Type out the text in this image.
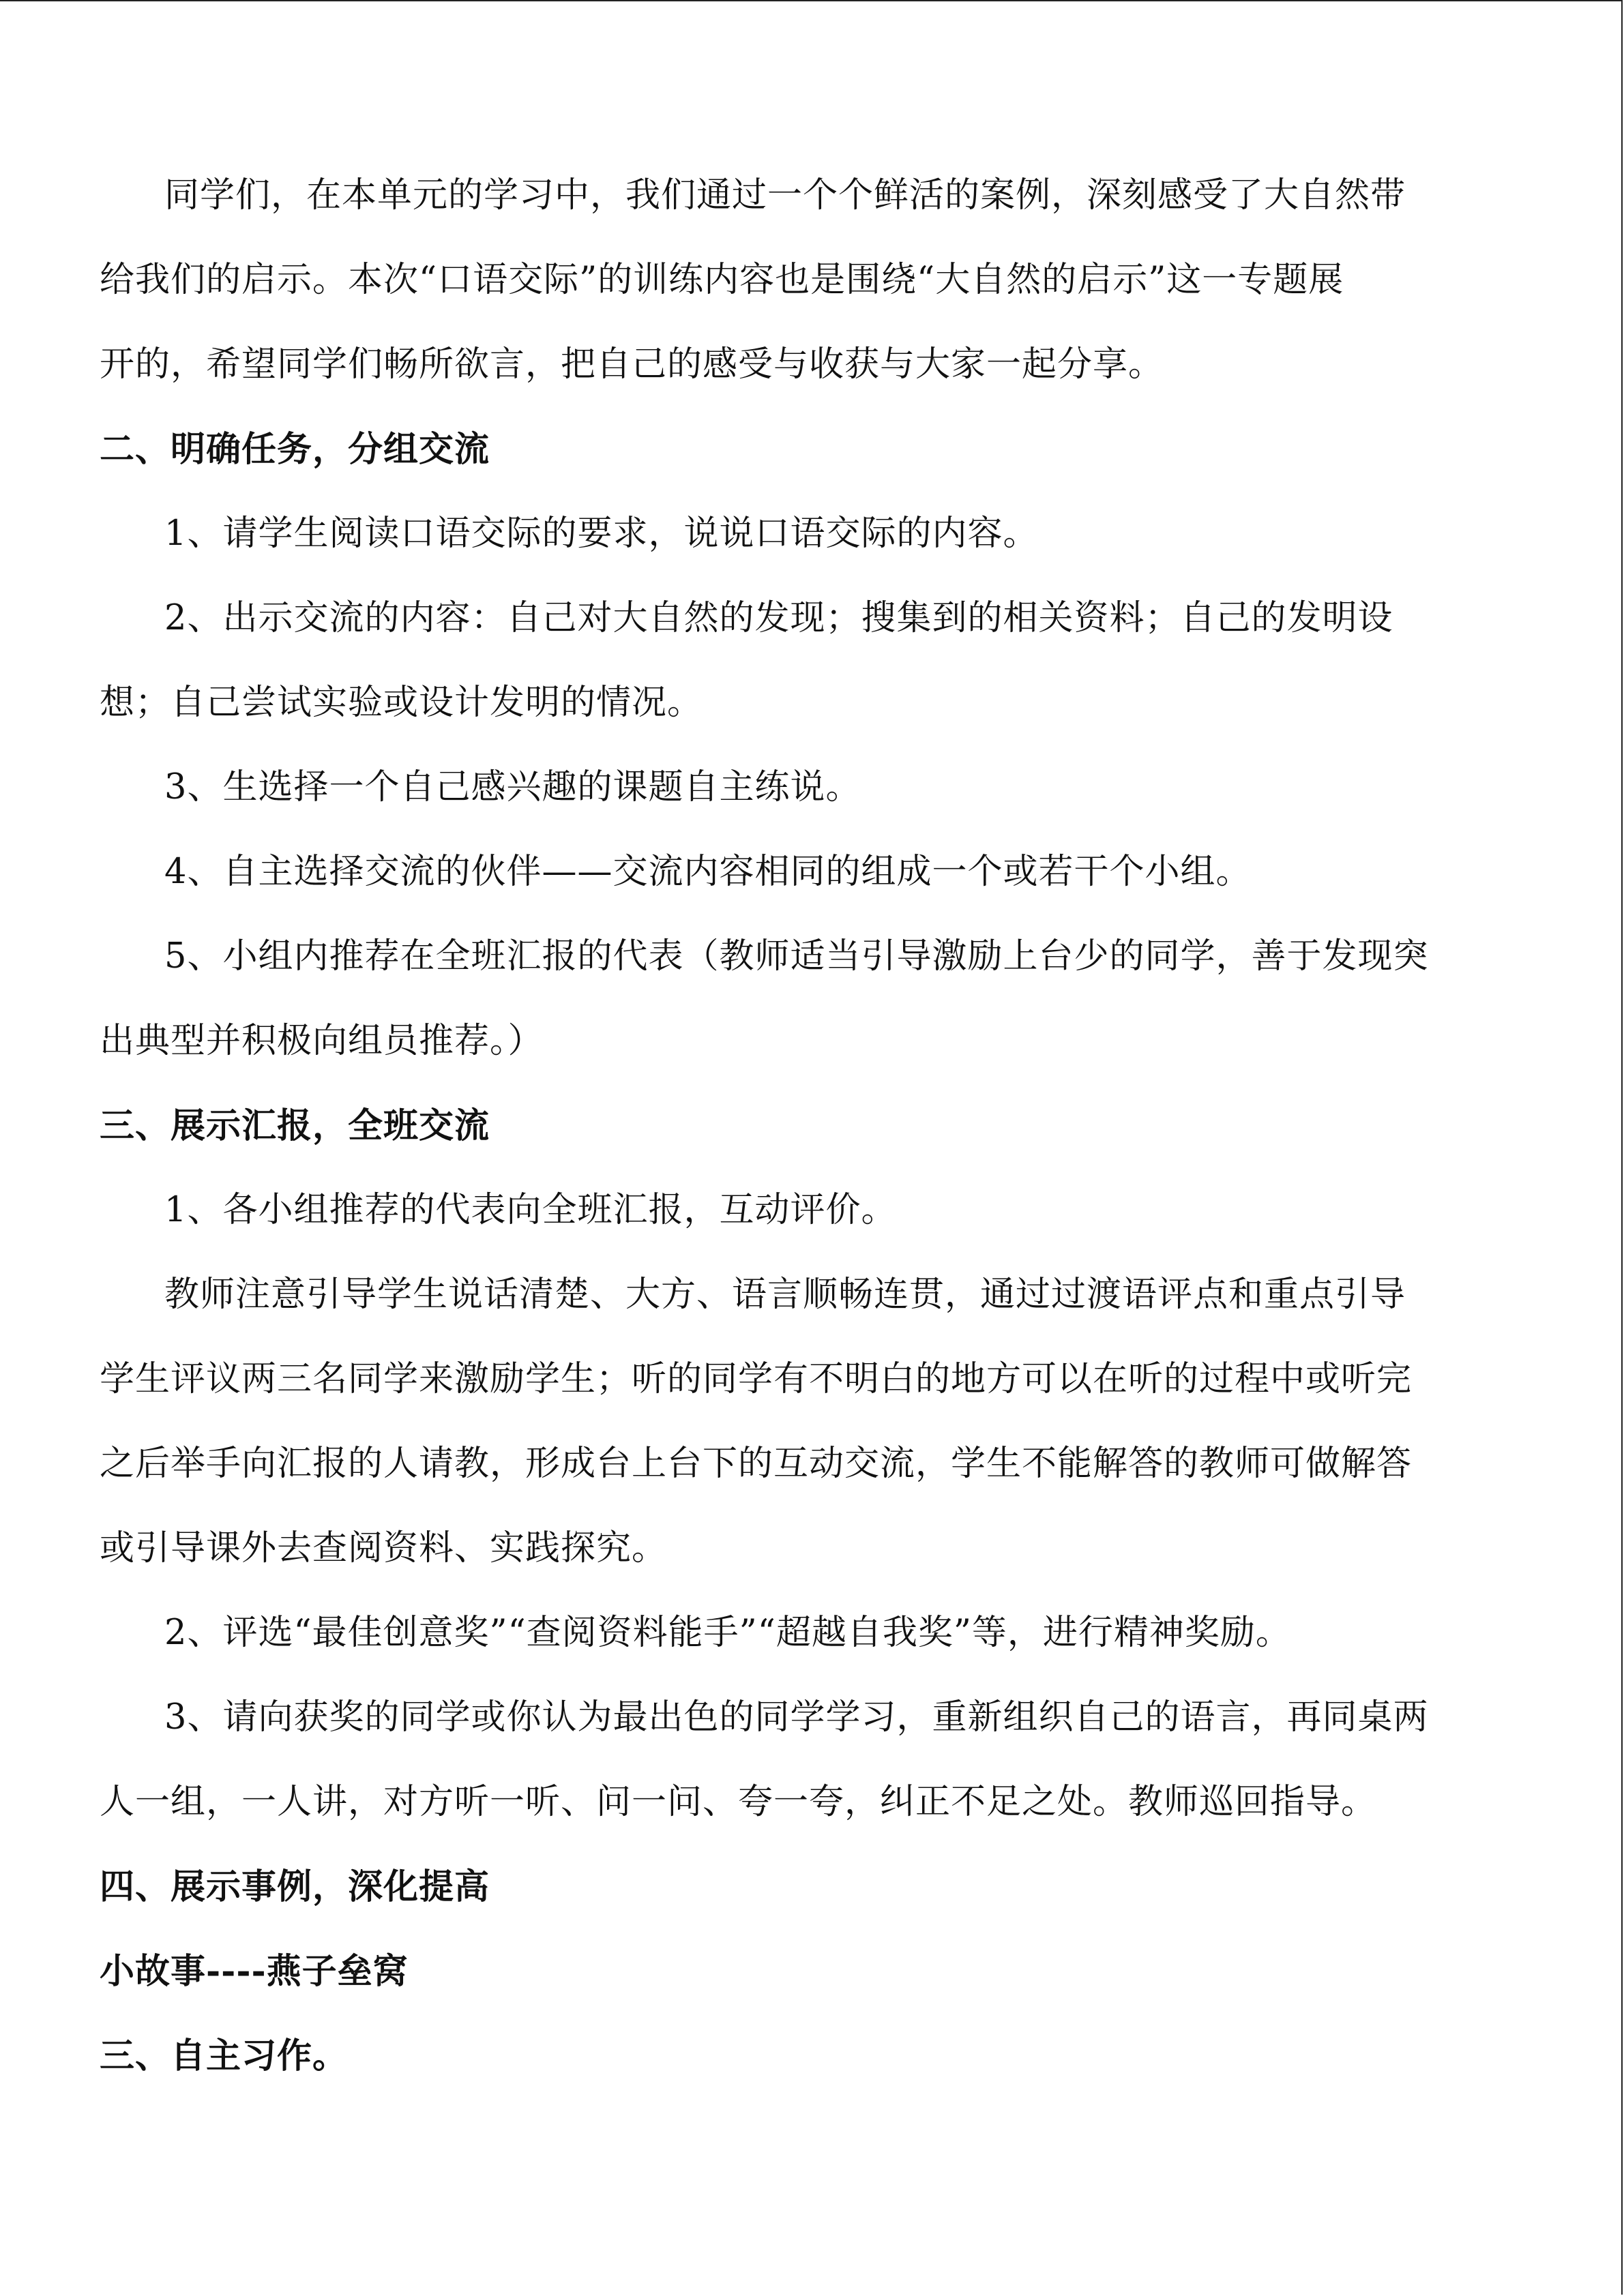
同学们，在本单元的学习中，我们通过一个个鲜活的案例，深刻感受了大自然带
给我们的启示。本次“口语交际”的训练内容也是围绕“大自然的启示”这一专题展
开的，希望同学们畅所欲言，把自己的感受与收获与大家一起分享。
二、明确任务，分组交流
1、请学生阅读口语交际的要求，说说口语交际的内容。
2、出示交流的内容：自己对大自然的发现；搜集到的相关资料；自己的发明设
想；自己尝试实验或设计发明的情况。
3、生选择一个自己感兴趣的课题自主练说。
4、自主选择交流的伙伴——交流内容相同的组成一个或若干个小组。
5、小组内推荐在全班汇报的代表（教师适当引导激励上台少的同学，善于发现突
出典型并积极向组员推荐。）
三、展示汇报，全班交流
1、各小组推荐的代表向全班汇报，互动评价。
教师注意引导学生说话清楚、大方、语言顺畅连贯，通过过渡语评点和重点引导
学生评议两三名同学来激励学生；听的同学有不明白的地方可以在听的过程中或听完
之后举手向汇报的人请教，形成台上台下的互动交流，学生不能解答的教师可做解答
或引导课外去查阅资料、实践探究。
2、评选“最佳创意奖”“查阅资料能手”“超越自我奖”等，进行精神奖励。
3、请向获奖的同学或你认为最出色的同学学习，重新组织自己的语言，再同桌两
人一组，一人讲，对方听一听、问一问、夸一夸，纠正不足之处。教师巡回指导。
四、展示事例，深化提高
小故事----燕子垒窝
三、自主习作。
